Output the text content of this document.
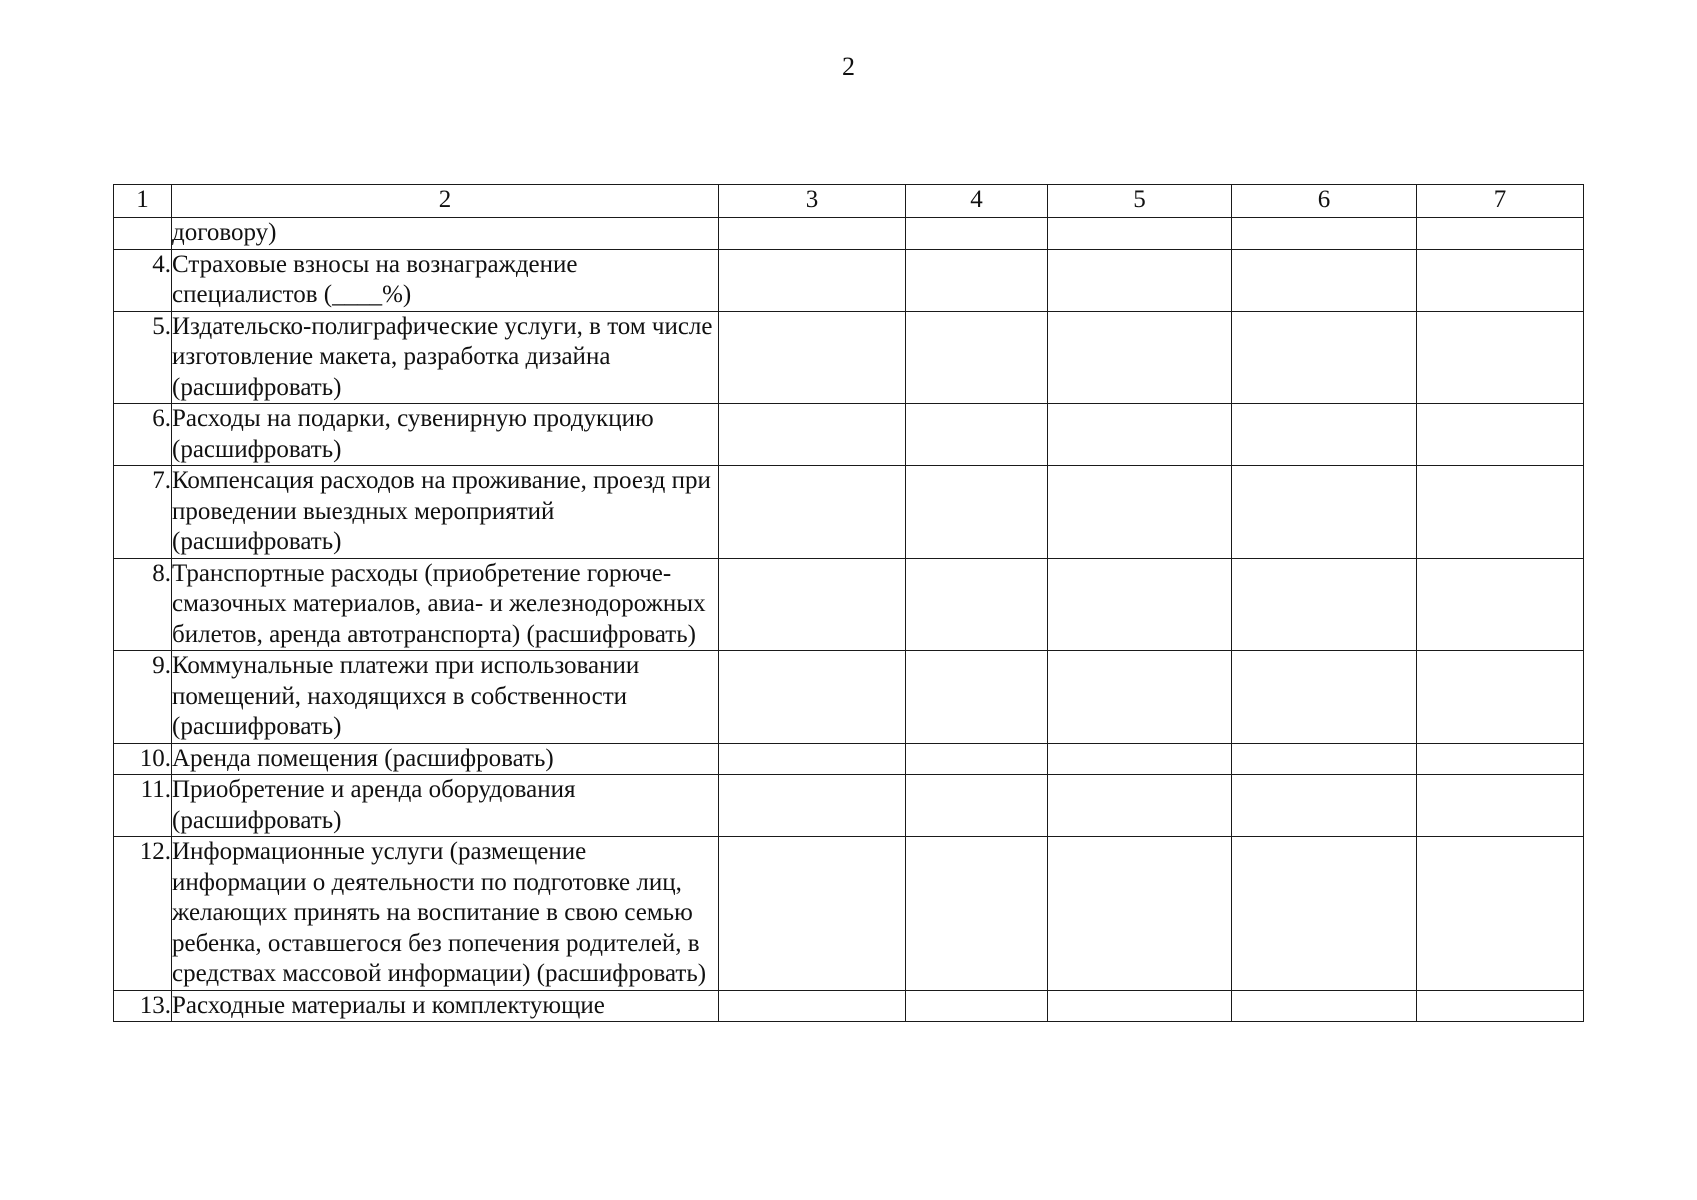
2
1	2	3	4	5	6	7
	договору)					
4.	Страховые взносы на вознаграждение специалистов (____%)					
5.	Издательско-полиграфические услуги, в том числе изготовление макета, разработка дизайна (расшифровать)					
6.	Расходы на подарки, сувенирную продукцию (расшифровать)					
7.	Компенсация расходов на проживание, проезд при проведении выездных мероприятий (расшифровать)					
8.	Транспортные расходы (приобретение горюче-смазочных материалов, авиа- и железнодорожных билетов, аренда автотранспорта) (расшифровать)					
9.	Коммунальные платежи при использовании помещений, находящихся в собственности (расшифровать)					
10.	Аренда помещения (расшифровать)					
11.	Приобретение и аренда оборудования (расшифровать)					
12.	Информационные услуги (размещение информации о деятельности по подготовке лиц, желающих принять на воспитание в свою семью ребенка, оставшегося без попечения родителей, в средствах массовой информации) (расшифровать)					
13.	Расходные материалы и комплектующие					
